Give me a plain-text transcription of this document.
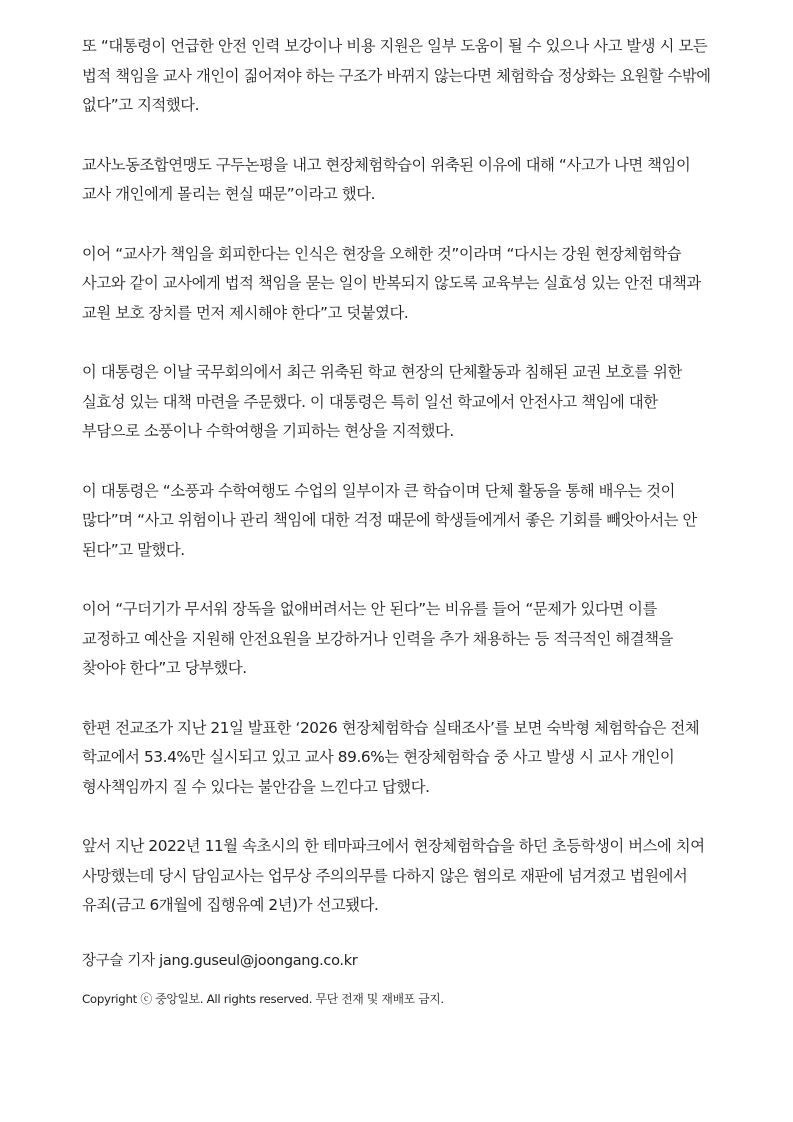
또 “대통령이 언급한 안전 인력 보강이나 비용 지원은 일부 도움이 될 수 있으나 사고 발생 시 모든 법적 책임을 교사 개인이 짊어져야 하는 구조가 바뀌지 않는다면 체험학습 정상화는 요원할 수밖에 없다”고 지적했다.

교사노동조합연맹도 구두논평을 내고 현장체험학습이 위축된 이유에 대해 “사고가 나면 책임이 교사 개인에게 몰리는 현실 때문”이라고 했다.

이어 “교사가 책임을 회피한다는 인식은 현장을 오해한 것”이라며 “다시는 강원 현장체험학습 사고와 같이 교사에게 법적 책임을 묻는 일이 반복되지 않도록 교육부는 실효성 있는 안전 대책과 교원 보호 장치를 먼저 제시해야 한다”고 덧붙였다.

이 대통령은 이날 국무회의에서 최근 위축된 학교 현장의 단체활동과 침해된 교권 보호를 위한 실효성 있는 대책 마련을 주문했다. 이 대통령은 특히 일선 학교에서 안전사고 책임에 대한 부담으로 소풍이나 수학여행을 기피하는 현상을 지적했다.

이 대통령은 “소풍과 수학여행도 수업의 일부이자 큰 학습이며 단체 활동을 통해 배우는 것이 많다”며 “사고 위험이나 관리 책임에 대한 걱정 때문에 학생들에게서 좋은 기회를 빼앗아서는 안 된다”고 말했다.

이어 “구더기가 무서워 장독을 없애버려서는 안 된다”는 비유를 들어 “문제가 있다면 이를 교정하고 예산을 지원해 안전요원을 보강하거나 인력을 추가 채용하는 등 적극적인 해결책을 찾아야 한다”고 당부했다.

한편 전교조가 지난 21일 발표한 ‘2026 현장체험학습 실태조사’를 보면 숙박형 체험학습은 전체 학교에서 53.4%만 실시되고 있고 교사 89.6%는 현장체험학습 중 사고 발생 시 교사 개인이 형사책임까지 질 수 있다는 불안감을 느낀다고 답했다.

앞서 지난 2022년 11월 속초시의 한 테마파크에서 현장체험학습을 하던 초등학생이 버스에 치여 사망했는데 당시 담임교사는 업무상 주의의무를 다하지 않은 혐의로 재판에 넘겨졌고 법원에서 유죄(금고 6개월에 집행유예 2년)가 선고됐다.

장구슬 기자 jang.guseul@joongang.co.kr

Copyright ⓒ 중앙일보. All rights reserved. 무단 전재 및 재배포 금지.
